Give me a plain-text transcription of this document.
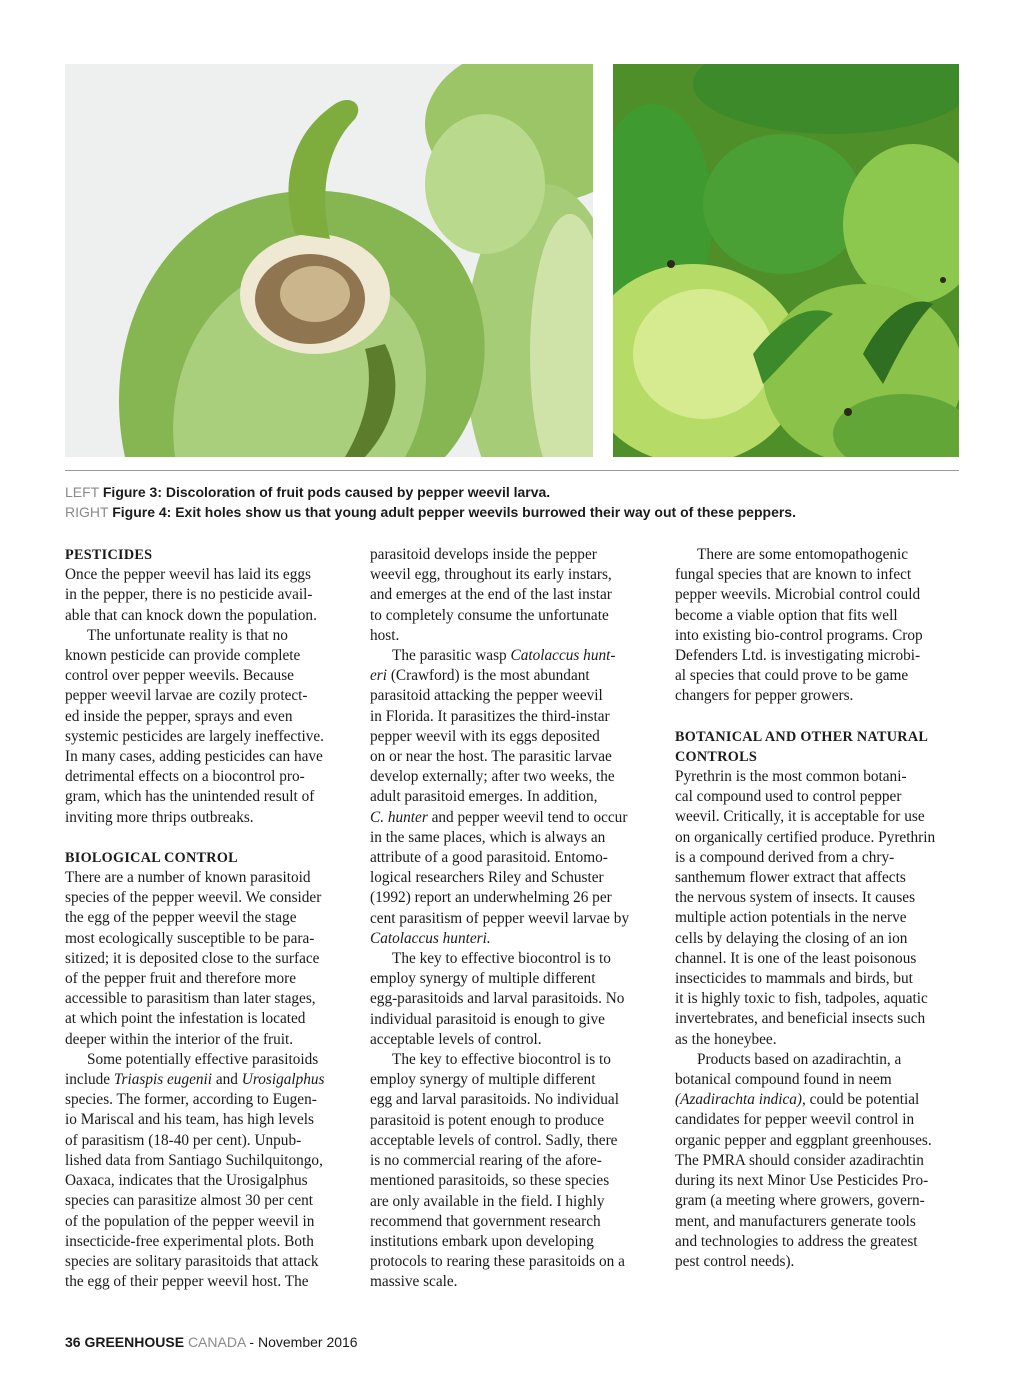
LEFT Figure 3: Discoloration of fruit pods caused by pepper weevil larva.
RIGHT Figure 4: Exit holes show us that young adult pepper weevils burrowed their way out of these peppers.

PESTICIDES

Once the pepper weevil has laid its eggs
in the pepper, there is no pesticide avail-
able that can knock down the population.

The unfortunate reality is that no
known pesticide can provide complete
control over pepper weevils. Because
pepper weevil larvae are cozily protect-
ed inside the pepper, sprays and even
systemic pesticides are largely ineffective.
In many cases, adding pesticides can have
detrimental effects on a biocontrol pro-
gram, which has the unintended result of
inviting more thrips outbreaks.

BIOLOGICAL CONTROL

There are a number of known parasitoid
species of the pepper weevil. We consider
the egg of the pepper weevil the stage
most ecologically susceptible to be para-
sitized; it is deposited close to the surface
of the pepper fruit and therefore more
accessible to parasitism than later stages,
at which point the infestation is located
deeper within the interior of the fruit.

Some potentially effective parasitoids
include Triaspis eugenii and Urosigalphus
species. The former, according to Eugen-
io Mariscal and his team, has high levels
of parasitism (18-40 per cent). Unpub-
lished data from Santiago Suchilquitongo,
Oaxaca, indicates that the Urosigalphus
species can parasitize almost 30 per cent
of the population of the pepper weevil in
insecticide-free experimental plots. Both
species are solitary parasitoids that attack
the egg of their pepper weevil host. The

parasitoid develops inside the pepper
weevil egg, throughout its early instars,
and emerges at the end of the last instar
to completely consume the unfortunate
host.

The parasitic wasp Catolaccus hunt-
eri (Crawford) is the most abundant
parasitoid attacking the pepper weevil
in Florida. It parasitizes the third-instar
pepper weevil with its eggs deposited
on or near the host. The parasitic larvae
develop externally; after two weeks, the
adult parasitoid emerges. In addition,
C. hunter and pepper weevil tend to occur
in the same places, which is always an
attribute of a good parasitoid. Entomo-
logical researchers Riley and Schuster
(1992) report an underwhelming 26 per
cent parasitism of pepper weevil larvae by
Catolaccus hunteri.

The key to effective biocontrol is to
employ synergy of multiple different
egg-parasitoids and larval parasitoids. No
individual parasitoid is enough to give
acceptable levels of control.

The key to effective biocontrol is to
employ synergy of multiple different
egg and larval parasitoids. No individual
parasitoid is potent enough to produce
acceptable levels of control. Sadly, there
is no commercial rearing of the afore-
mentioned parasitoids, so these species
are only available in the field. I highly
recommend that government research
institutions embark upon developing
protocols to rearing these parasitoids on a
massive scale.

There are some entomopathogenic
fungal species that are known to infect
pepper weevils. Microbial control could
become a viable option that fits well
into existing bio-control programs. Crop
Defenders Ltd. is investigating microbi-
al species that could prove to be game
changers for pepper growers.

BOTANICAL AND OTHER NATURAL
CONTROLS

Pyrethrin is the most common botani-
cal compound used to control pepper
weevil. Critically, it is acceptable for use
on organically certified produce. Pyrethrin
is a compound derived from a chry-
santhemum flower extract that affects
the nervous system of insects. It causes
multiple action potentials in the nerve
cells by delaying the closing of an ion
channel. It is one of the least poisonous
insecticides to mammals and birds, but
it is highly toxic to fish, tadpoles, aquatic
invertebrates, and beneficial insects such
as the honeybee.

Products based on azadirachtin, a
botanical compound found in neem
(Azadirachta indica), could be potential
candidates for pepper weevil control in
organic pepper and eggplant greenhouses.
The PMRA should consider azadirachtin
during its next Minor Use Pesticides Pro-
gram (a meeting where growers, govern-
ment, and manufacturers generate tools
and technologies to address the greatest
pest control needs).

36 GREENHOUSE CANADA - November 2016
